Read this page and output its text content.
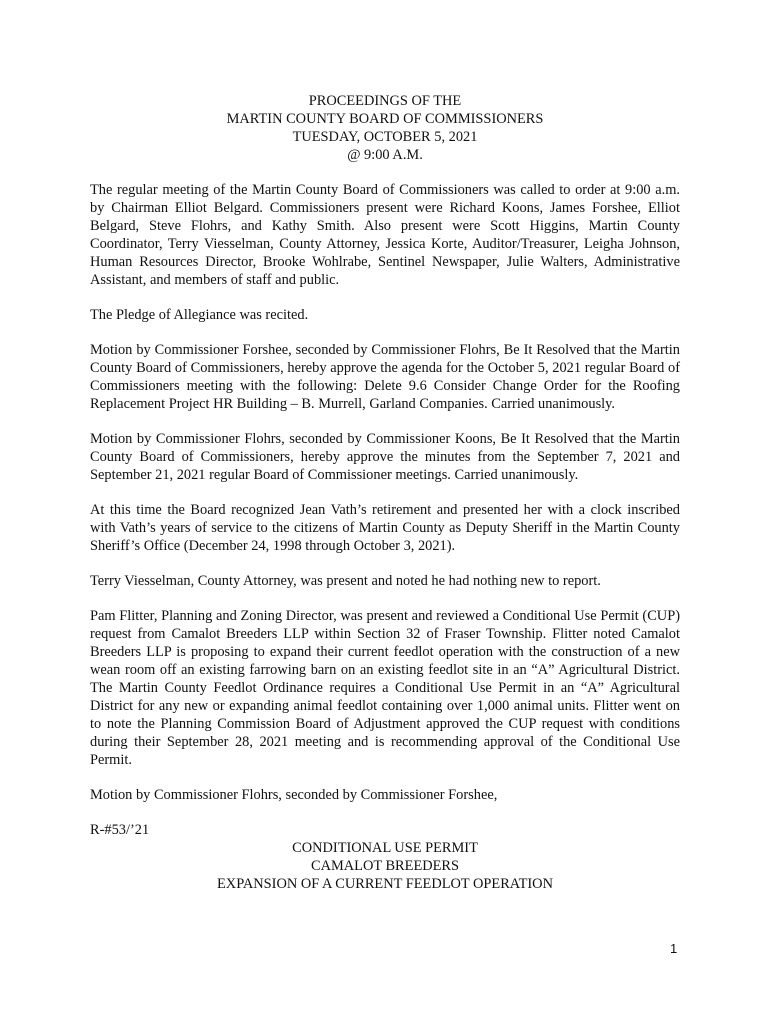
PROCEEDINGS OF THE
MARTIN COUNTY BOARD OF COMMISSIONERS
TUESDAY, OCTOBER 5, 2021
@ 9:00 A.M.

The regular meeting of the Martin County Board of Commissioners was called to order at 9:00 a.m. by Chairman Elliot Belgard. Commissioners present were Richard Koons, James Forshee, Elliot Belgard, Steve Flohrs, and Kathy Smith. Also present were Scott Higgins, Martin County Coordinator, Terry Viesselman, County Attorney, Jessica Korte, Auditor/Treasurer, Leigha Johnson, Human Resources Director, Brooke Wohlrabe, Sentinel Newspaper, Julie Walters, Administrative Assistant, and members of staff and public.

The Pledge of Allegiance was recited.

Motion by Commissioner Forshee, seconded by Commissioner Flohrs, Be It Resolved that the Martin County Board of Commissioners, hereby approve the agenda for the October 5, 2021 regular Board of Commissioners meeting with the following: Delete 9.6 Consider Change Order for the Roofing Replacement Project HR Building – B. Murrell, Garland Companies. Carried unanimously.

Motion by Commissioner Flohrs, seconded by Commissioner Koons, Be It Resolved that the Martin County Board of Commissioners, hereby approve the minutes from the September 7, 2021 and September 21, 2021 regular Board of Commissioner meetings. Carried unanimously.

At this time the Board recognized Jean Vath’s retirement and presented her with a clock inscribed with Vath’s years of service to the citizens of Martin County as Deputy Sheriff in the Martin County Sheriff’s Office (December 24, 1998 through October 3, 2021).

Terry Viesselman, County Attorney, was present and noted he had nothing new to report.

Pam Flitter, Planning and Zoning Director, was present and reviewed a Conditional Use Permit (CUP) request from Camalot Breeders LLP within Section 32 of Fraser Township. Flitter noted Camalot Breeders LLP is proposing to expand their current feedlot operation with the construction of a new wean room off an existing farrowing barn on an existing feedlot site in an “A” Agricultural District. The Martin County Feedlot Ordinance requires a Conditional Use Permit in an “A” Agricultural District for any new or expanding animal feedlot containing over 1,000 animal units. Flitter went on to note the Planning Commission Board of Adjustment approved the CUP request with conditions during their September 28, 2021 meeting and is recommending approval of the Conditional Use Permit.

Motion by Commissioner Flohrs, seconded by Commissioner Forshee,

R-#53/’21
CONDITIONAL USE PERMIT
CAMALOT BREEDERS
EXPANSION OF A CURRENT FEEDLOT OPERATION
1
